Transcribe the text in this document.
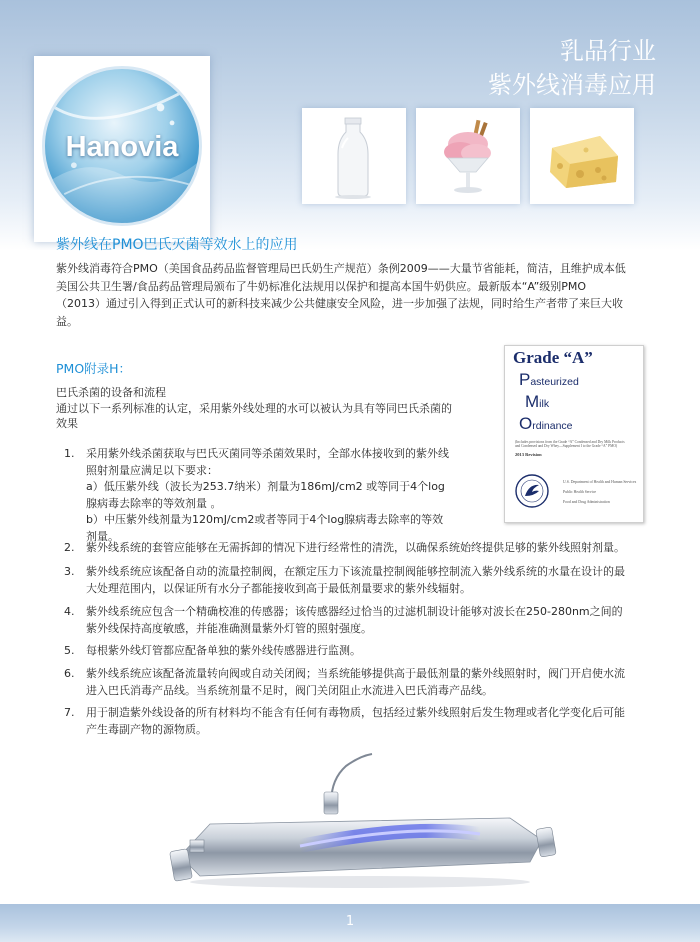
乳品行业
紫外线消毒应用
Hanovia
紫外线在PMO巴氏灭菌等效水上的应用
紫外线消毒符合PMO（美国食品药品监督管理局巴氏奶生产规范）条例2009——大量节省能耗，简洁，且维护成本低
美国公共卫生署/食品药品管理局颁布了牛奶标准化法规用以保护和提高本国牛奶供应。最新版本“A”级别PMO
（2013）通过引入得到正式认可的新科技来减少公共健康安全风险，进一步加强了法规，同时给生产者带了来巨大收
益。
PMO附录H：
巴氏杀菌的设备和流程
通过以下一系列标准的认定，采用紫外线处理的水可以被认为具有等同巴氏杀菌的
效果
Grade “A”
Pasteurized
Milk
Ordinance
(Includes provisions from the Grade “A” Condensed and Dry Milk Products
and Condensed and Dry Whey—Supplement I to the Grade “A” PMO)
2013 Revision
U.S. Department of Health and Human Services
Public Health Service
Food and Drug Administration
1. 采用紫外线杀菌获取与巴氏灭菌同等杀菌效果时，全部水体接收到的紫外线
照射剂量应满足以下要求：
a）低压紫外线（波长为253.7纳米）剂量为186mJ/cm2 或等同于4个log
腺病毒去除率的等效剂量 。
b）中压紫外线剂量为120mJ/cm2或者等同于4个log腺病毒去除率的等效
剂量。
2. 紫外线系统的套管应能够在无需拆卸的情况下进行经常性的清洗，以确保系统始终提供足够的紫外线照射剂量。
3. 紫外线系统应该配备自动的流量控制阀，在额定压力下该流量控制阀能够控制流入紫外线系统的水量在设计的最
大处理范围内，以保证所有水分子都能接收到高于最低剂量要求的紫外线辐射。
4. 紫外线系统应包含一个精确校准的传感器；该传感器经过恰当的过滤机制设计能够对波长在250-280nm之间的
紫外线保持高度敏感，并能准确测量紫外灯管的照射强度。
5. 每根紫外线灯管都应配备单独的紫外线传感器进行监测。
6. 紫外线系统应该配备流量转向阀或自动关闭阀；当系统能够提供高于最低剂量的紫外线照射时，阀门开启使水流
进入巴氏消毒产品线。当系统剂量不足时，阀门关闭阻止水流进入巴氏消毒产品线。
7. 用于制造紫外线设备的所有材料均不能含有任何有毒物质，包括经过紫外线照射后发生物理或者化学变化后可能
产生毒副产物的源物质。
1
